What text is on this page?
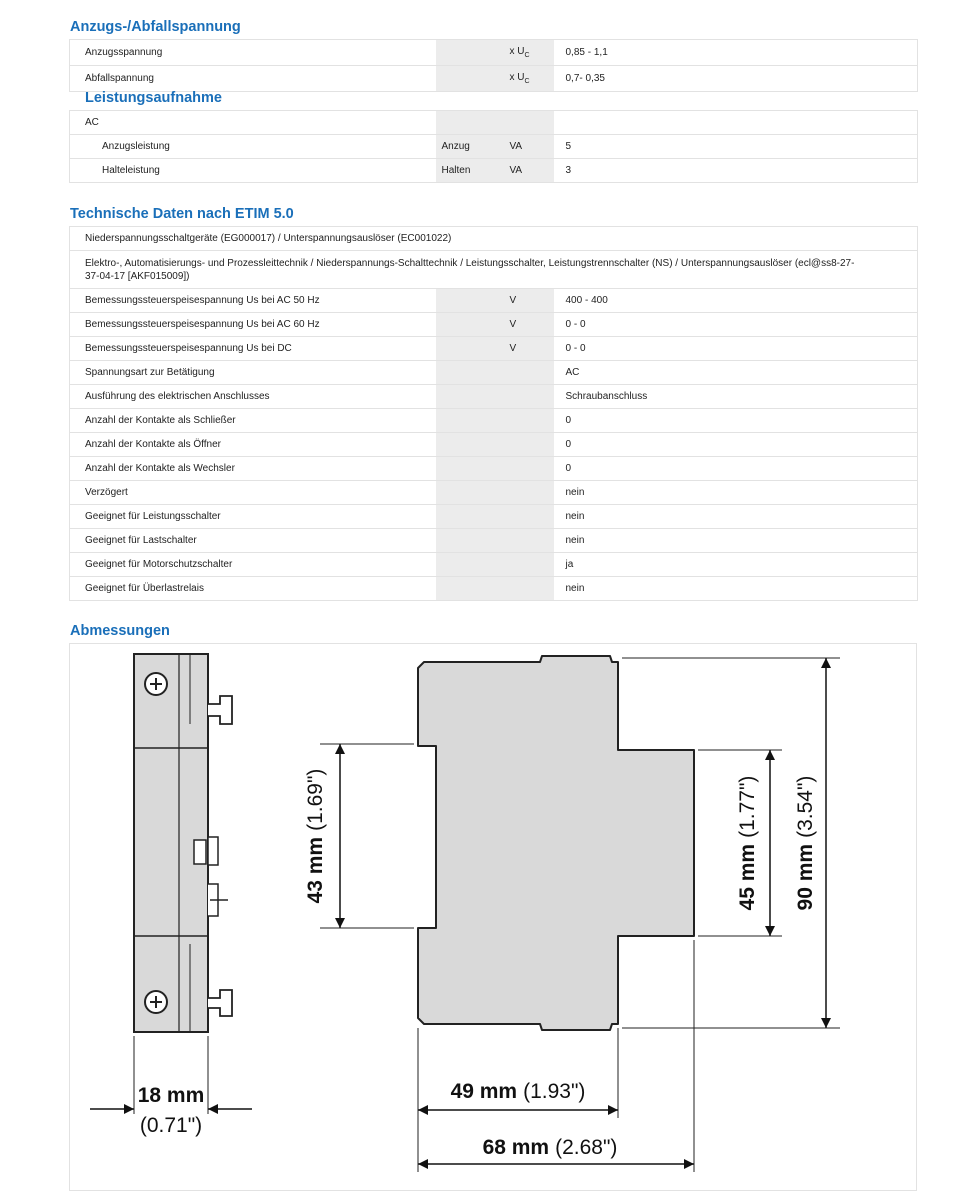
Anzugs-/Abfallspannung
Anzugsspannung		x $U_C$	0,85 - 1,1
Abfallspannung		x $U_C$	0,7- 0,35
Leistungsaufnahme
AC			
Anzugsleistung	Anzug	VA	5
Halteleistung	Halten	VA	3
Technische Daten nach ETIM 5.0
Niederspannungsschaltgeräte (EG000017) / Unterspannungsauslöser (EC001022)			
Elektro-, Automatisierungs- und Prozessleittechnik / Niederspannungs-Schalttechnik / Leistungsschalter, Leistungstrennschalter (NS) / Unterspannungsauslöser (ecl@ss8-27-37-04-17 [AKF015009])			
Bemessungssteuerspeisespannung Us bei AC 50 Hz		V	400 - 400
Bemessungssteuerspeisespannung Us bei AC 60 Hz		V	0 - 0
Bemessungssteuerspeisespannung Us bei DC		V	0 - 0
Spannungsart zur Betätigung			AC
Ausführung des elektrischen Anschlusses			Schraubanschluss
Anzahl der Kontakte als Schließer			0
Anzahl der Kontakte als Öffner			0
Anzahl der Kontakte als Wechsler			0
Verzögert			nein
Geeignet für Leistungsschalter			nein
Geeignet für Lastschalter			nein
Geeignet für Motorschutzschalter			ja
Geeignet für Überlastrelais			nein
Abmessungen
18 mm
(0.71")
49 mm (1.93")
68 mm (2.68")
43 mm(1.69")
45 mm(1.77")
90 mm(3.54")
